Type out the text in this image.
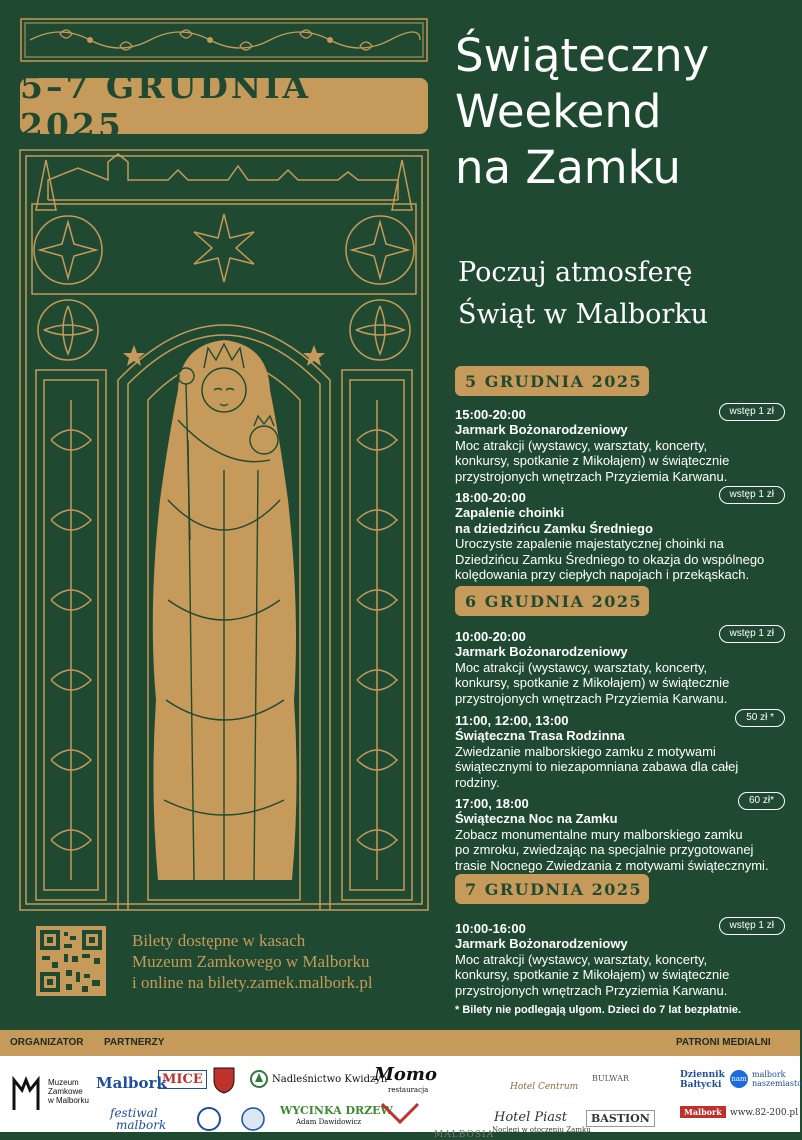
5–7 GRUDNIA 2025
Bilety dostępne w kasach
Muzeum Zamkowego w Malborku
i online na bilety.zamek.malbork.pl
Świąteczny
Weekend
na Zamku
Poczuj atmosferę
Świąt w Malborku
5 GRUDNIA 2025
wstęp 1 zł
15:00-20:00
Jarmark Bożonarodzeniowy
Moc atrakcji (wystawcy, warsztaty, koncerty,
konkursy, spotkanie z Mikołajem) w świątecznie
przystrojonych wnętrzach Przyziemia Karwanu.
wstęp 1 zł
18:00-20:00
Zapalenie choinki
na dziedzińcu Zamku Średniego
Uroczyste zapalenie majestatycznej choinki na
Dziedzińcu Zamku Średniego to okazja do wspólnego
kolędowania przy ciepłych napojach i przekąskach.
6 GRUDNIA 2025
wstęp 1 zł
10:00-20:00
Jarmark Bożonarodzeniowy
Moc atrakcji (wystawcy, warsztaty, koncerty,
konkursy, spotkanie z Mikołajem) w świątecznie
przystrojonych wnętrzach Przyziemia Karwanu.
50 zł *
11:00, 12:00, 13:00
Świąteczna Trasa Rodzinna
Zwiedzanie malborskiego zamku z motywami
świątecznymi to niezapomniana zabawa dla całej
rodziny.
60 zł*
17:00, 18:00
Świąteczna Noc na Zamku
Zobacz monumentalne mury malborskiego zamku
po zmroku, zwiedzając na specjalnie przygotowanej
trasie Nocnego Zwiedzania z motywami świątecznymi.
7 GRUDNIA 2025
wstęp 1 zł
10:00-16:00
Jarmark Bożonarodzeniowy
Moc atrakcji (wystawcy, warsztaty, koncerty,
konkursy, spotkanie z Mikołajem) w świątecznie
przystrojonych wnętrzach Przyziemia Karwanu.
* Bilety nie podlegają ulgom. Dzieci do 7 lat bezpłatnie.
ORGANIZATOR PARTNERZY	PATRONI MEDIALNI
Muzeum
Zamkowe
w Malborku
Malbork
MICE	Nadleśnictwo Kwidzyn
Momo
restauracja
festiwal
malbork
WYCINKA DRZEW
Adam Dawidowicz
MALBOSIA
Hotel Centrum
Hotel Piast
Noclegi w otoczeniu Zamku
BULWAR
BASTION
Dziennik
Bałtycki
nam malbork
naszemiasto
Malbork www.82-200.pl
